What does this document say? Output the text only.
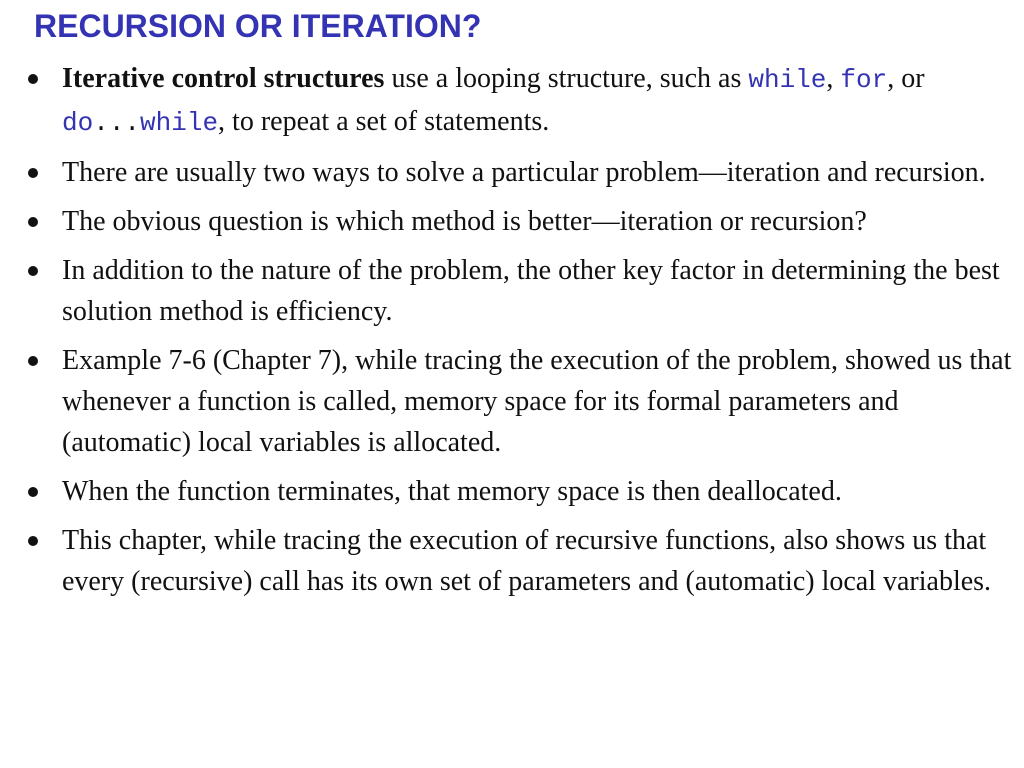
RECURSION OR ITERATION?
Iterative control structures use a looping structure, such as while, for, or do...while, to repeat a set of statements.
There are usually two ways to solve a particular problem—iteration and recursion.
The obvious question is which method is better—iteration or recursion?
In addition to the nature of the problem, the other key factor in determining the best solution method is efficiency.
Example 7-6 (Chapter 7), while tracing the execution of the problem, showed us that whenever a function is called, memory space for its formal parameters and (automatic) local variables is allocated.
When the function terminates, that memory space is then deallocated.
This chapter, while tracing the execution of recursive functions, also shows us that every (recursive) call has its own set of parameters and (automatic) local variables.
